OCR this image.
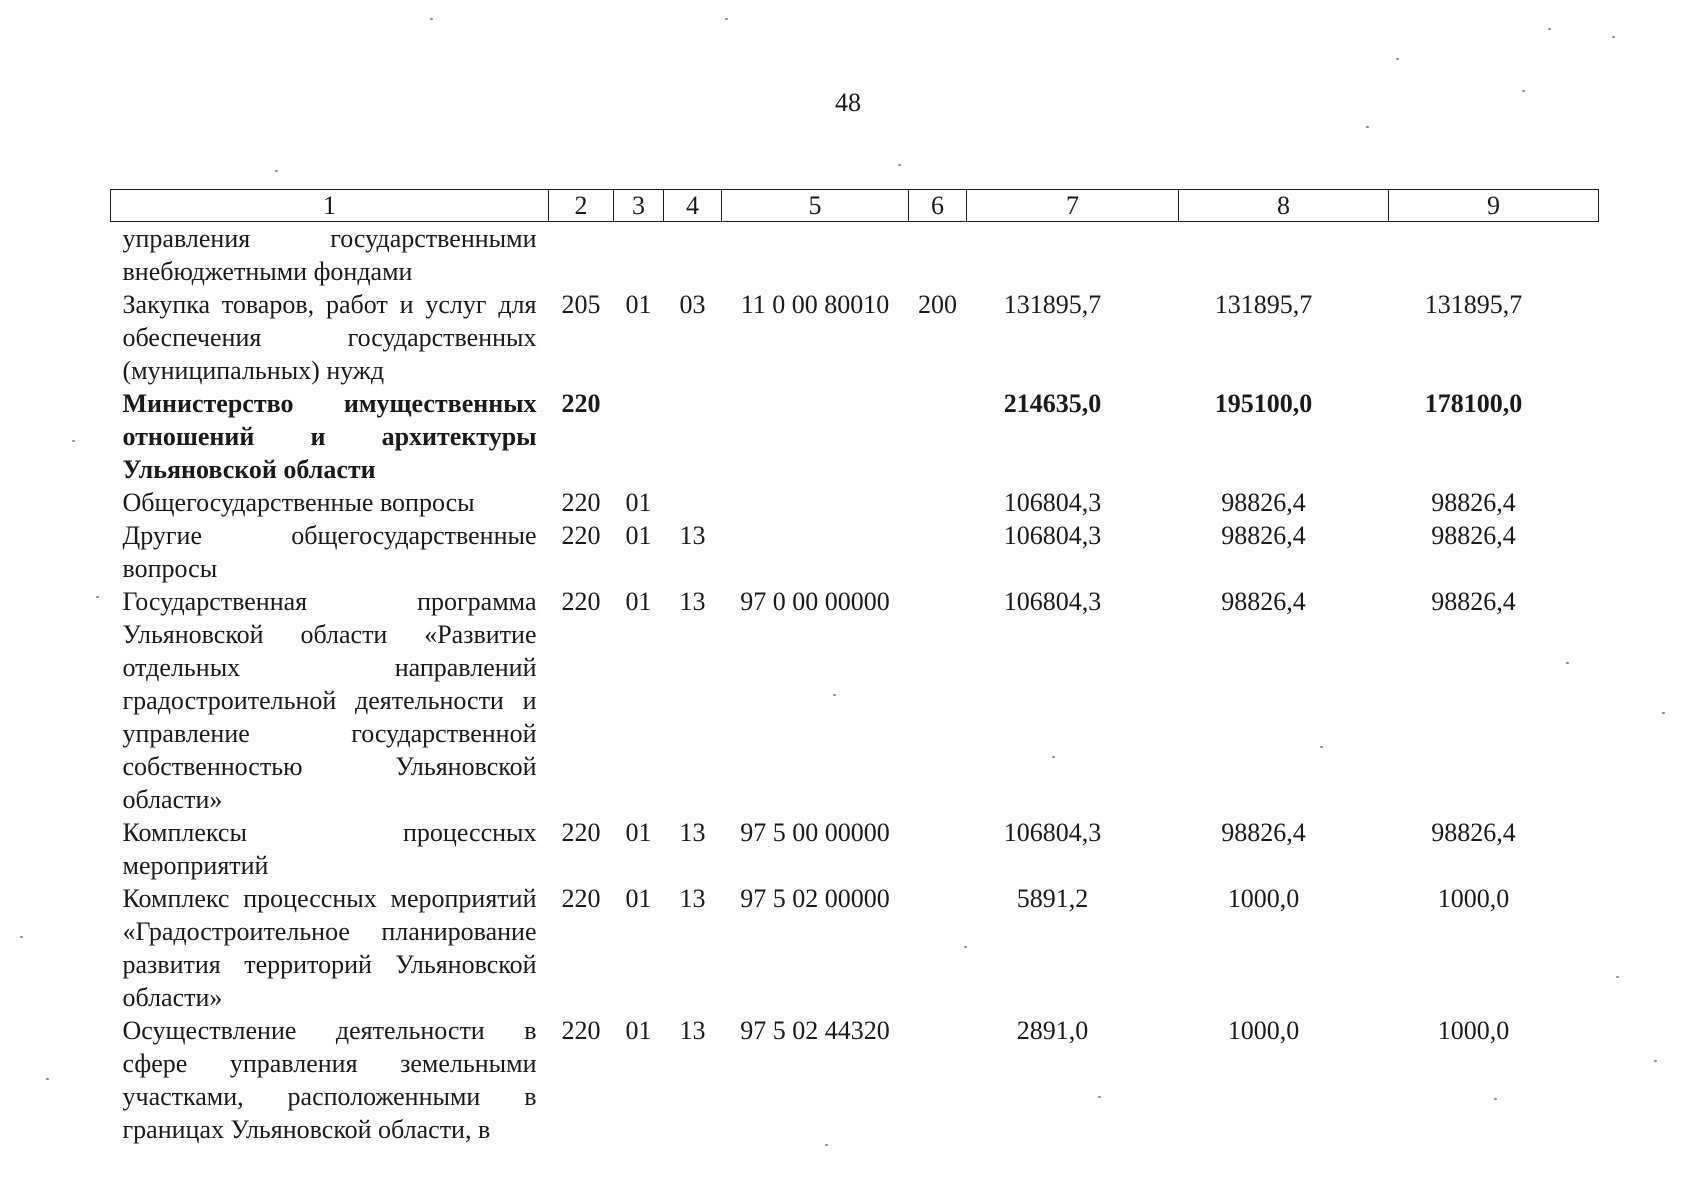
48
1	2	3	4	5	6	7	8	9
управления государственными внебюджетными фондами								
Закупка товаров, работ и услуг для обеспечения государственных (муниципальных) нужд	205	01	03	11 0 00 80010	200	131895,7	131895,7	131895,7
Министерство имущественных отношений и архитектуры Ульяновской области	220					214635,0	195100,0	178100,0
Общегосударственные вопросы	220	01				106804,3	98826,4	98826,4
Другие общегосударственные вопросы	220	01	13			106804,3	98826,4	98826,4
Государственная программа Ульяновской области «Развитие отдельных направлений градостроительной деятельности и управление государственной собственностью Ульяновской области»	220	01	13	97 0 00 00000		106804,3	98826,4	98826,4
Комплексы процессных мероприятий	220	01	13	97 5 00 00000		106804,3	98826,4	98826,4
Комплекс процессных мероприятий «Градостроительное планирование развития территорий Ульяновской области»	220	01	13	97 5 02 00000		5891,2	1000,0	1000,0
Осуществление деятельности в сфере управления земельными участками, расположенными в границах Ульяновской области, в	220	01	13	97 5 02 44320		2891,0	1000,0	1000,0
